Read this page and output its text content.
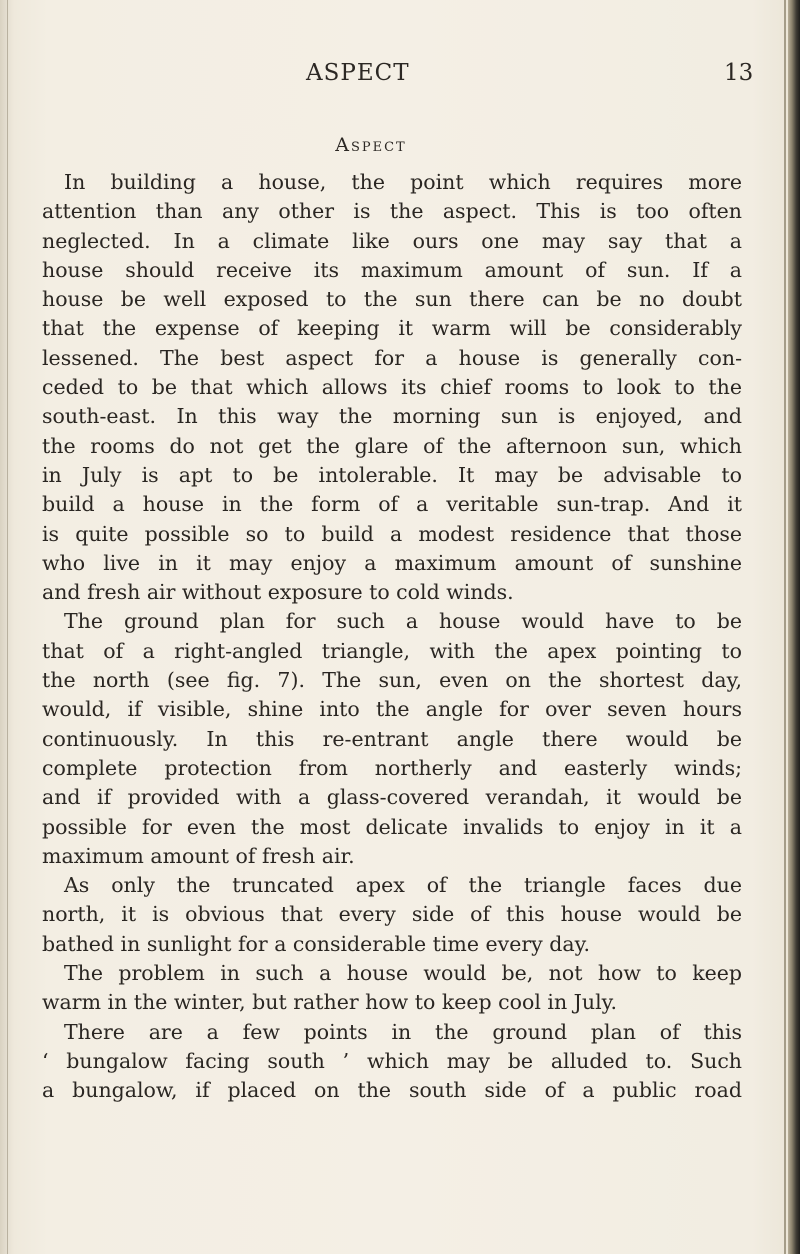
ASPECT	13
Aspect
In building a house, the point which requires more
attention than any other is the aspect. This is too often
neglected. In a climate like ours one may say that a
house should receive its maximum amount of sun. If a
house be well exposed to the sun there can be no doubt
that the expense of keeping it warm will be considerably
lessened. The best aspect for a house is generally con-
ceded to be that which allows its chief rooms to look to the
south-east. In this way the morning sun is enjoyed, and
the rooms do not get the glare of the afternoon sun, which
in July is apt to be intolerable. It may be advisable to
build a house in the form of a veritable sun-trap. And it
is quite possible so to build a modest residence that those
who live in it may enjoy a maximum amount of sunshine
and fresh air without exposure to cold winds.
The ground plan for such a house would have to be
that of a right-angled triangle, with the apex pointing to
the north (see fig. 7). The sun, even on the shortest day,
would, if visible, shine into the angle for over seven hours
continuously. In this re-entrant angle there would be
complete protection from northerly and easterly winds;
and if provided with a glass-covered verandah, it would be
possible for even the most delicate invalids to enjoy in it a
maximum amount of fresh air.
As only the truncated apex of the triangle faces due
north, it is obvious that every side of this house would be
bathed in sunlight for a considerable time every day.
The problem in such a house would be, not how to keep
warm in the winter, but rather how to keep cool in July.
There are a few points in the ground plan of this
‘ bungalow facing south ’ which may be alluded to. Such
a bungalow, if placed on the south side of a public road
